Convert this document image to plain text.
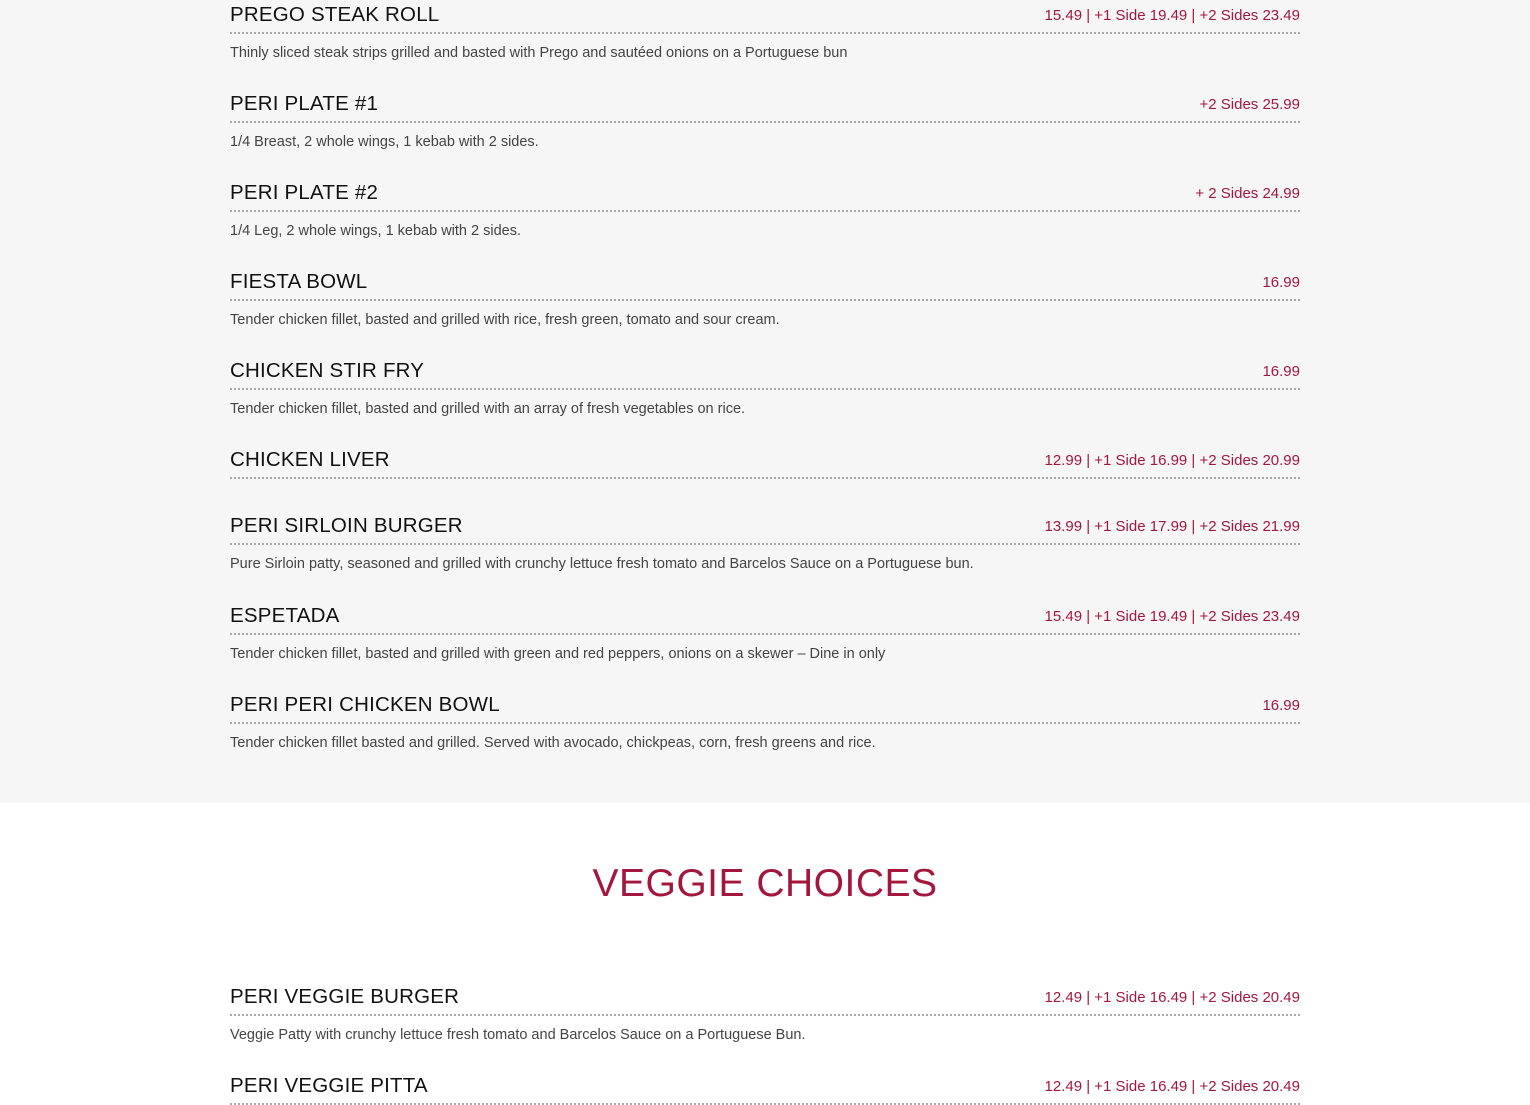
PREGO STEAK ROLL	15.49 | +1 Side 19.49 | +2 Sides 23.49
Thinly sliced steak strips grilled and basted with Prego and sautéed onions on a Portuguese bun
PERI PLATE #1	+2 Sides 25.99
1/4 Breast, 2 whole wings, 1 kebab with 2 sides.
PERI PLATE #2	+ 2 Sides 24.99
1/4 Leg, 2 whole wings, 1 kebab with 2 sides.
FIESTA BOWL	16.99
Tender chicken fillet, basted and grilled with rice, fresh green, tomato and sour cream.
CHICKEN STIR FRY	16.99
Tender chicken fillet, basted and grilled with an array of fresh vegetables on rice.
CHICKEN LIVER	12.99 | +1 Side 16.99 | +2 Sides 20.99
PERI SIRLOIN BURGER	13.99 | +1 Side 17.99 | +2 Sides 21.99
Pure Sirloin patty, seasoned and grilled with crunchy lettuce fresh tomato and Barcelos Sauce on a Portuguese bun.
ESPETADA	15.49 | +1 Side 19.49 | +2 Sides 23.49
Tender chicken fillet, basted and grilled with green and red peppers, onions on a skewer – Dine in only
PERI PERI CHICKEN BOWL	16.99
Tender chicken fillet basted and grilled. Served with avocado, chickpeas, corn, fresh greens and rice.
VEGGIE CHOICES
PERI VEGGIE BURGER	12.49 | +1 Side 16.49 | +2 Sides 20.49
Veggie Patty with crunchy lettuce fresh tomato and Barcelos Sauce on a Portuguese Bun.
PERI VEGGIE PITTA	12.49 | +1 Side 16.49 | +2 Sides 20.49
